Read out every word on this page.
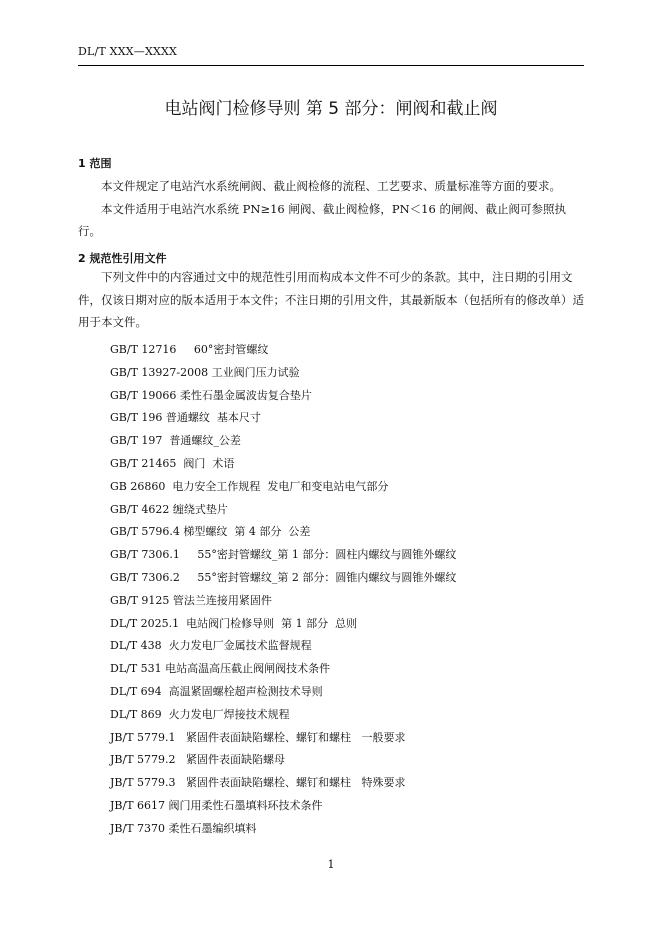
DL/T XXX—XXXX
电站阀门检修导则 第 5 部分：闸阀和截止阀
1 范围

本文件规定了电站汽水系统闸阀、截止阀检修的流程、工艺要求、质量标准等方面的要求。

本文件适用于电站汽水系统 PN≥16 闸阀、截止阀检修，PN＜16 的闸阀、截止阀可参照执行。

2 规范性引用文件

下列文件中的内容通过文中的规范性引用而构成本文件不可少的条款。其中，注日期的引用文件，仅该日期对应的版本适用于本文件；不注日期的引用文件，其最新版本（包括所有的修改单）适用于本文件。

GB/T 12716     60°密封管螺纹
GB/T 13927-2008 工业阀门压力试验
GB/T 19066 柔性石墨金属波齿复合垫片
GB/T 196 普通螺纹  基本尺寸
GB/T 197  普通螺纹_公差
GB/T 21465  阀门  术语
GB 26860  电力安全工作规程  发电厂和变电站电气部分
GB/T 4622 缠绕式垫片
GB/T 5796.4 梯型螺纹  第 4 部分  公差
GB/T 7306.1     55°密封管螺纹_第 1 部分：圆柱内螺纹与圆锥外螺纹
GB/T 7306.2     55°密封管螺纹_第 2 部分：圆锥内螺纹与圆锥外螺纹
GB/T 9125 管法兰连接用紧固件
DL/T 2025.1  电站阀门检修导则  第 1 部分  总则
DL/T 438  火力发电厂金属技术监督规程
DL/T 531 电站高温高压截止阀闸阀技术条件
DL/T 694  高温紧固螺栓超声检测技术导则
DL/T 869  火力发电厂焊接技术规程
JB/T 5779.1   紧固件表面缺陷螺栓、螺钉和螺柱   一般要求
JB/T 5779.2   紧固件表面缺陷螺母
JB/T 5779.3   紧固件表面缺陷螺栓、螺钉和螺柱   特殊要求
JB/T 6617 阀门用柔性石墨填料环技术条件
JB/T 7370 柔性石墨编织填料
1
